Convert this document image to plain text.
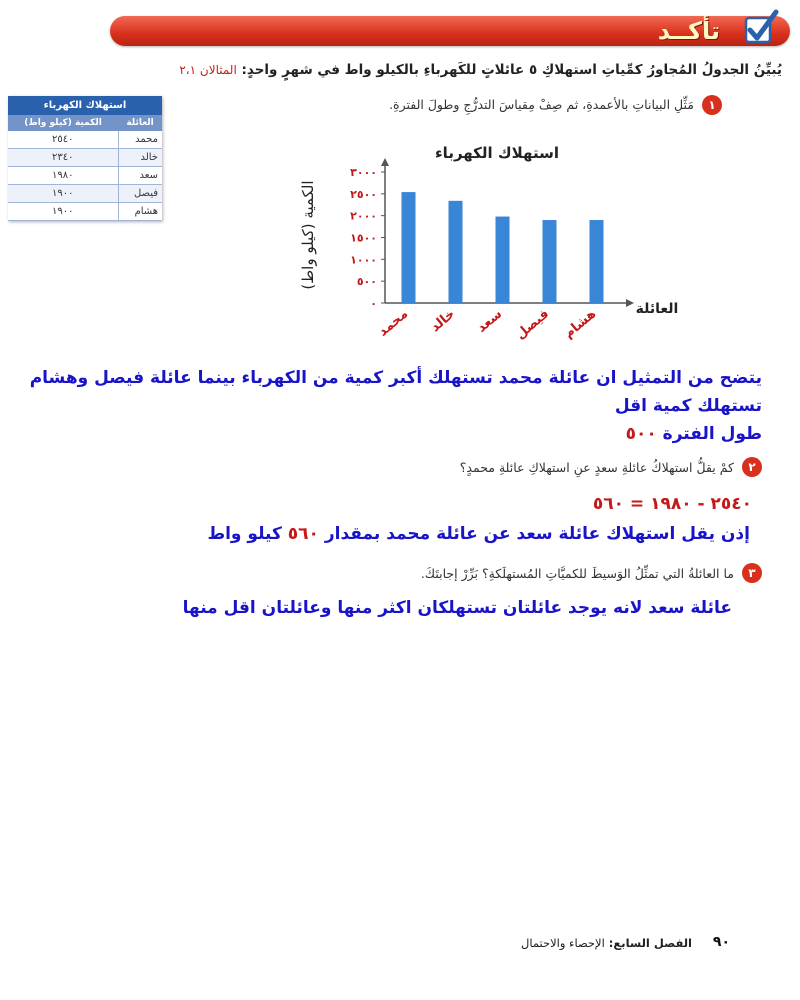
تأكــد
يُبيِّنُ الجدولُ المُجاورُ كمِّياتِ استهلاكِ ٥ عائلاتٍ للكَهرباءِ بالكيلو واط في شهرٍ واحدٍ: المثالان ٢،١
١
مَثِّلِ البياناتِ بالأعمدةِ، ثم صِفْ مِقياسَ التدرُّجِ وطولَ الفترةِ.
استهلاك الكهرباء	
العائلة	الكمية (كيلو واط)
محمد	٢٥٤٠
خالد	٢٣٤٠
سعد	١٩٨٠
فيصل	١٩٠٠
هشام	١٩٠٠
استهلاك الكهرباء
الكمية (كيلو واط)
العائلة
٠
٥٠٠
١٠٠٠
١٥٠٠
٢٠٠٠
٢٥٠٠
٣٠٠٠
محمد خالد سعد فيصل هشام
يتضح من التمثيل ان عائلة محمد تستهلك أكبر كمية من الكهرباء بينما عائلة فيصل وهشام
تستهلك كمية اقل
طول الفترة ٥٠٠
٢
كمْ يقلُّ استهلاكُ عائلةِ سعدٍ عنِ استهلاكِ عائلةِ محمدٍ؟
٢٥٤٠ - ١٩٨٠ = ٥٦٠
إذن يقل استهلاك عائلة سعد عن عائلة محمد بمقدار ٥٦٠ كيلو واط
٣
ما العائلةُ التي تمثِّلُ الوَسيطَ للكميَّاتِ المُستهلَكةِ؟ بَرِّرْ إجابتَكَ.
عائلة سعد لانه يوجد عائلتان تستهلكان اكثر منها وعائلتان اقل منها
٩٠
الفصل السابع: الإحصاء والاحتمال
